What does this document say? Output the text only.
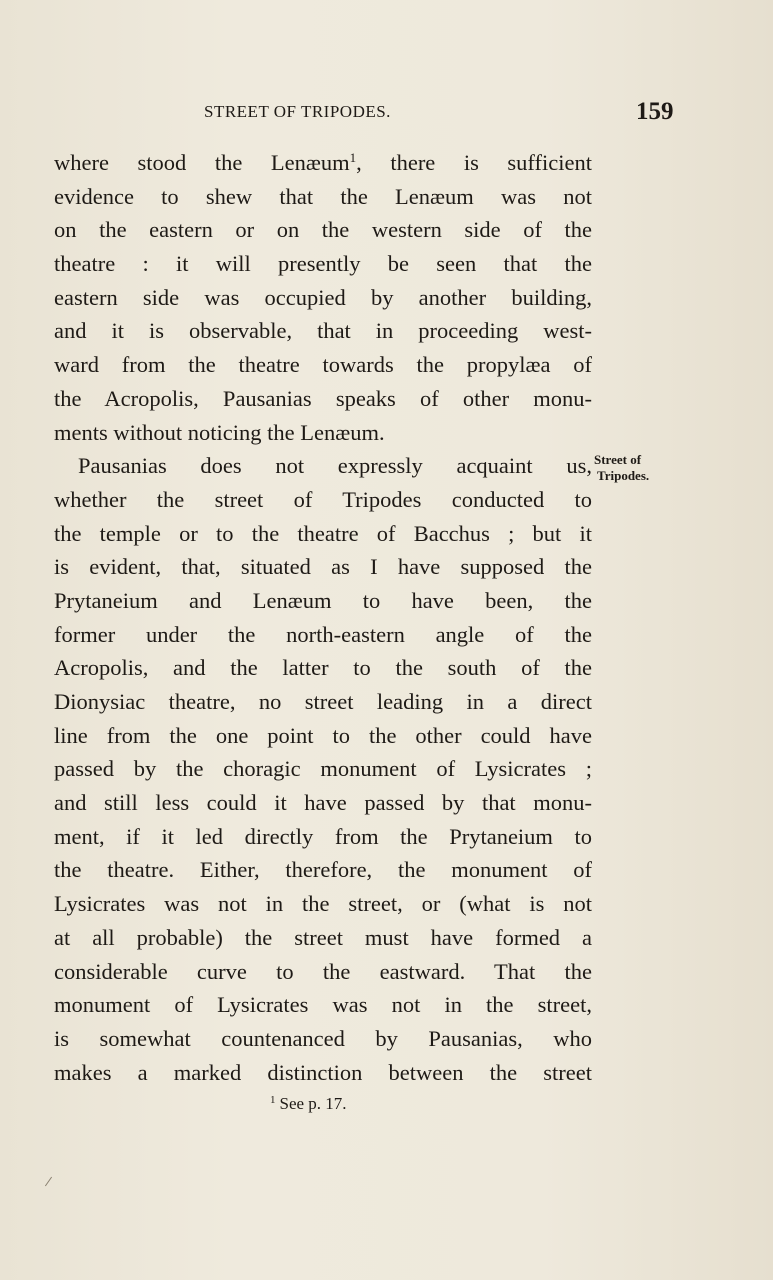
STREET OF TRIPODES.	159
where stood the Lenæum$^1$, there is sufficient
evidence to shew that the Lenæum was not
on the eastern or on the western side of the
theatre : it will presently be seen that the
eastern side was occupied by another building,
and it is observable, that in proceeding west-
ward from the theatre towards the propylæa of
the Acropolis, Pausanias speaks of other monu-
ments without noticing the Lenæum.
Pausanias does not expressly acquaint us,
whether the street of Tripodes conducted to
the temple or to the theatre of Bacchus ; but it
is evident, that, situated as I have supposed the
Prytaneium and Lenæum to have been, the
former under the north-eastern angle of the
Acropolis, and the latter to the south of the
Dionysiac theatre, no street leading in a direct
line from the one point to the other could have
passed by the choragic monument of Lysicrates ;
and still less could it have passed by that monu-
ment, if it led directly from the Prytaneium to
the theatre. Either, therefore, the monument of
Lysicrates was not in the street, or (what is not
at all probable) the street must have formed a
considerable curve to the eastward. That the
monument of Lysicrates was not in the street,
is somewhat countenanced by Pausanias, who
makes a marked distinction between the street
Street of
Tripodes.
$^1$ See p. 17.
